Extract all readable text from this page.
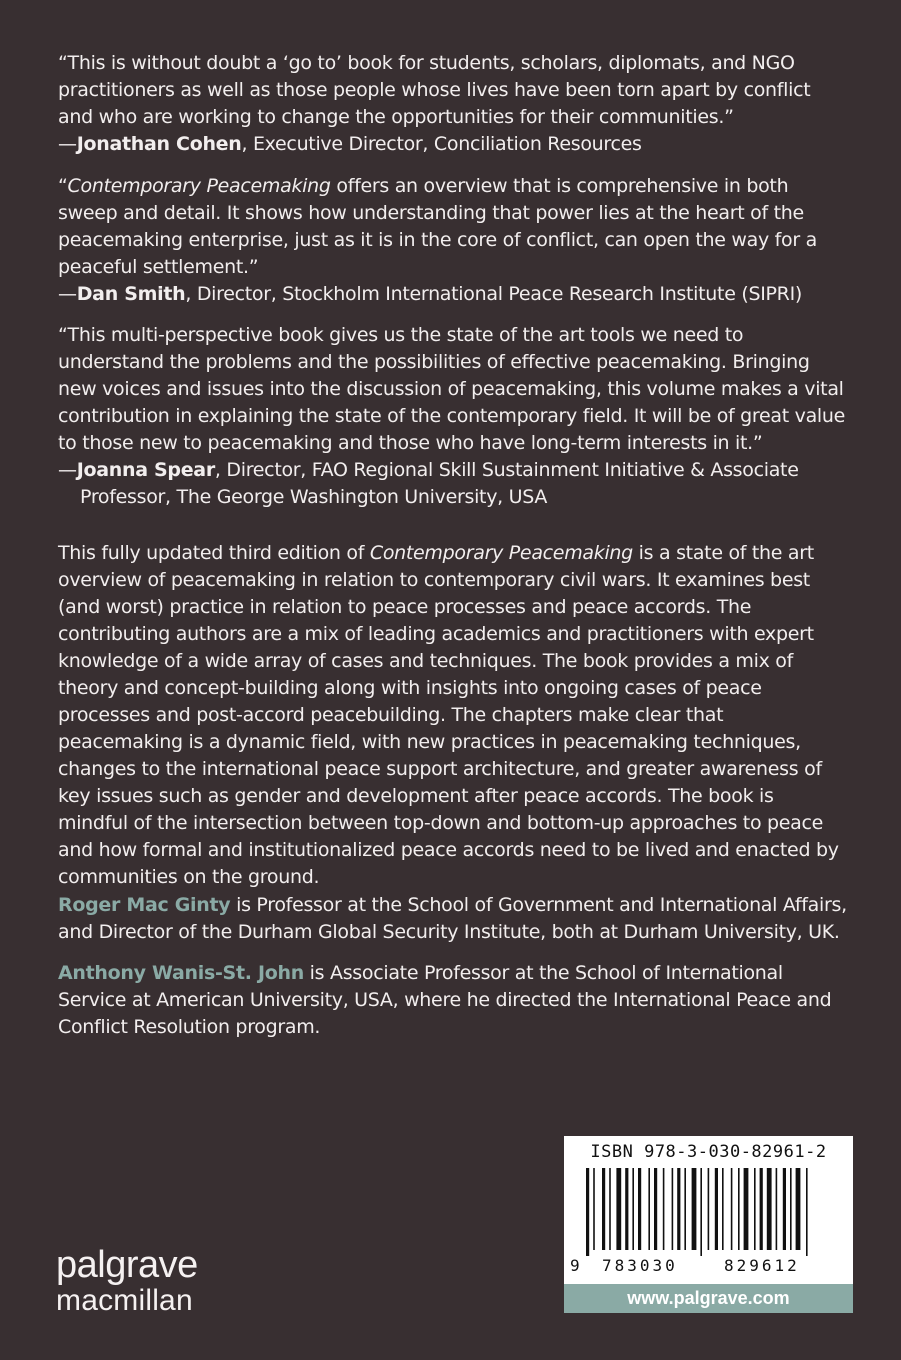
“This is without doubt a ‘go to’ book for students, scholars, diplomats, and NGO practitioners as well as those people whose lives have been torn apart by conflict and who are working to change the opportunities for their communities.”

—Jonathan Cohen, Executive Director, Conciliation Resources

“Contemporary Peacemaking offers an overview that is comprehensive in both sweep and detail. It shows how understanding that power lies at the heart of the peacemaking enterprise, just as it is in the core of conflict, can open the way for a peaceful settlement.”

—Dan Smith, Director, Stockholm International Peace Research Institute (SIPRI)

“This multi-perspective book gives us the state of the art tools we need to understand the problems and the possibilities of effective peacemaking. Bringing new voices and issues into the discussion of peacemaking, this volume makes a vital contribution in explaining the state of the contemporary field. It will be of great value to those new to peacemaking and those who have long-term interests in it.”

—Joanna Spear, Director, FAO Regional Skill Sustainment Initiative & Associate Professor, The George Washington University, USA

This fully updated third edition of Contemporary Peacemaking is a state of the art overview of peacemaking in relation to contemporary civil wars. It examines best (and worst) practice in relation to peace processes and peace accords. The contributing authors are a mix of leading academics and practitioners with expert knowledge of a wide array of cases and techniques. The book provides a mix of theory and concept-building along with insights into ongoing cases of peace processes and post-accord peacebuilding. The chapters make clear that peacemaking is a dynamic field, with new practices in peacemaking techniques, changes to the international peace support architecture, and greater awareness of key issues such as gender and development after peace accords. The book is mindful of the intersection between top-down and bottom-up approaches to peace and how formal and institutionalized peace accords need to be lived and enacted by communities on the ground.

Roger Mac Ginty is Professor at the School of Government and International Affairs, and Director of the Durham Global Security Institute, both at Durham University, UK.

Anthony Wanis-St. John is Associate Professor at the School of International Service at American University, USA, where he directed the International Peace and Conflict Resolution program.

palgrave
macmillan
ISBN 978-3-030-82961-2
9 783030	829612
www.palgrave.com
